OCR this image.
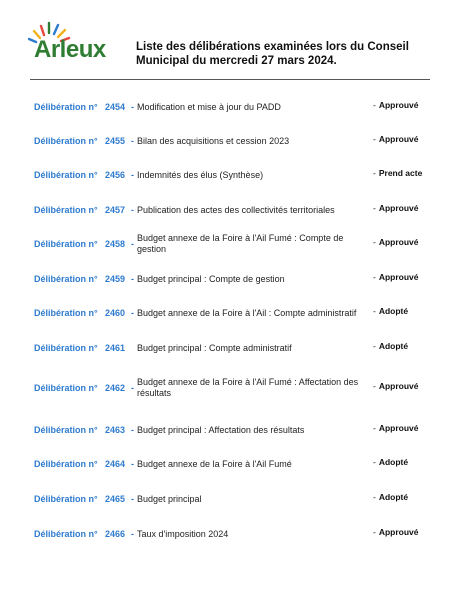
Arleux	Liste des délibérations examinées lors du Conseil Municipal du mercredi 27 mars 2024.
Délibération n° 2454 - Modification et mise à jour du PADD	- Approuvé
Délibération n° 2455 - Bilan des acquisitions et cession 2023	- Approuvé
Délibération n° 2456 - Indemnités des élus (Synthèse)	- Prend acte
Délibération n° 2457 - Publication des actes des collectivités territoriales	- Approuvé
Délibération n° 2458 -
Budget annexe de la Foire à l'Ail Fumé : Compte de gestion
- Approuvé
Délibération n° 2459 - Budget principal : Compte de gestion	- Approuvé
Délibération n° 2460 - Budget annexe de la Foire à l'Ail : Compte administratif	- Adopté
Délibération n° 2461 Budget principal : Compte administratif	- Adopté
Délibération n° 2462 -
Budget annexe de la Foire à l'Ail Fumé : Affectation des résultats
- Approuvé
Délibération n° 2463 - Budget principal : Affectation des résultats	- Approuvé
Délibération n° 2464 - Budget annexe de la Foire à l'Ail Fumé	- Adopté
Délibération n° 2465 - Budget principal	- Adopté
Délibération n° 2466 - Taux d'imposition 2024	- Approuvé
